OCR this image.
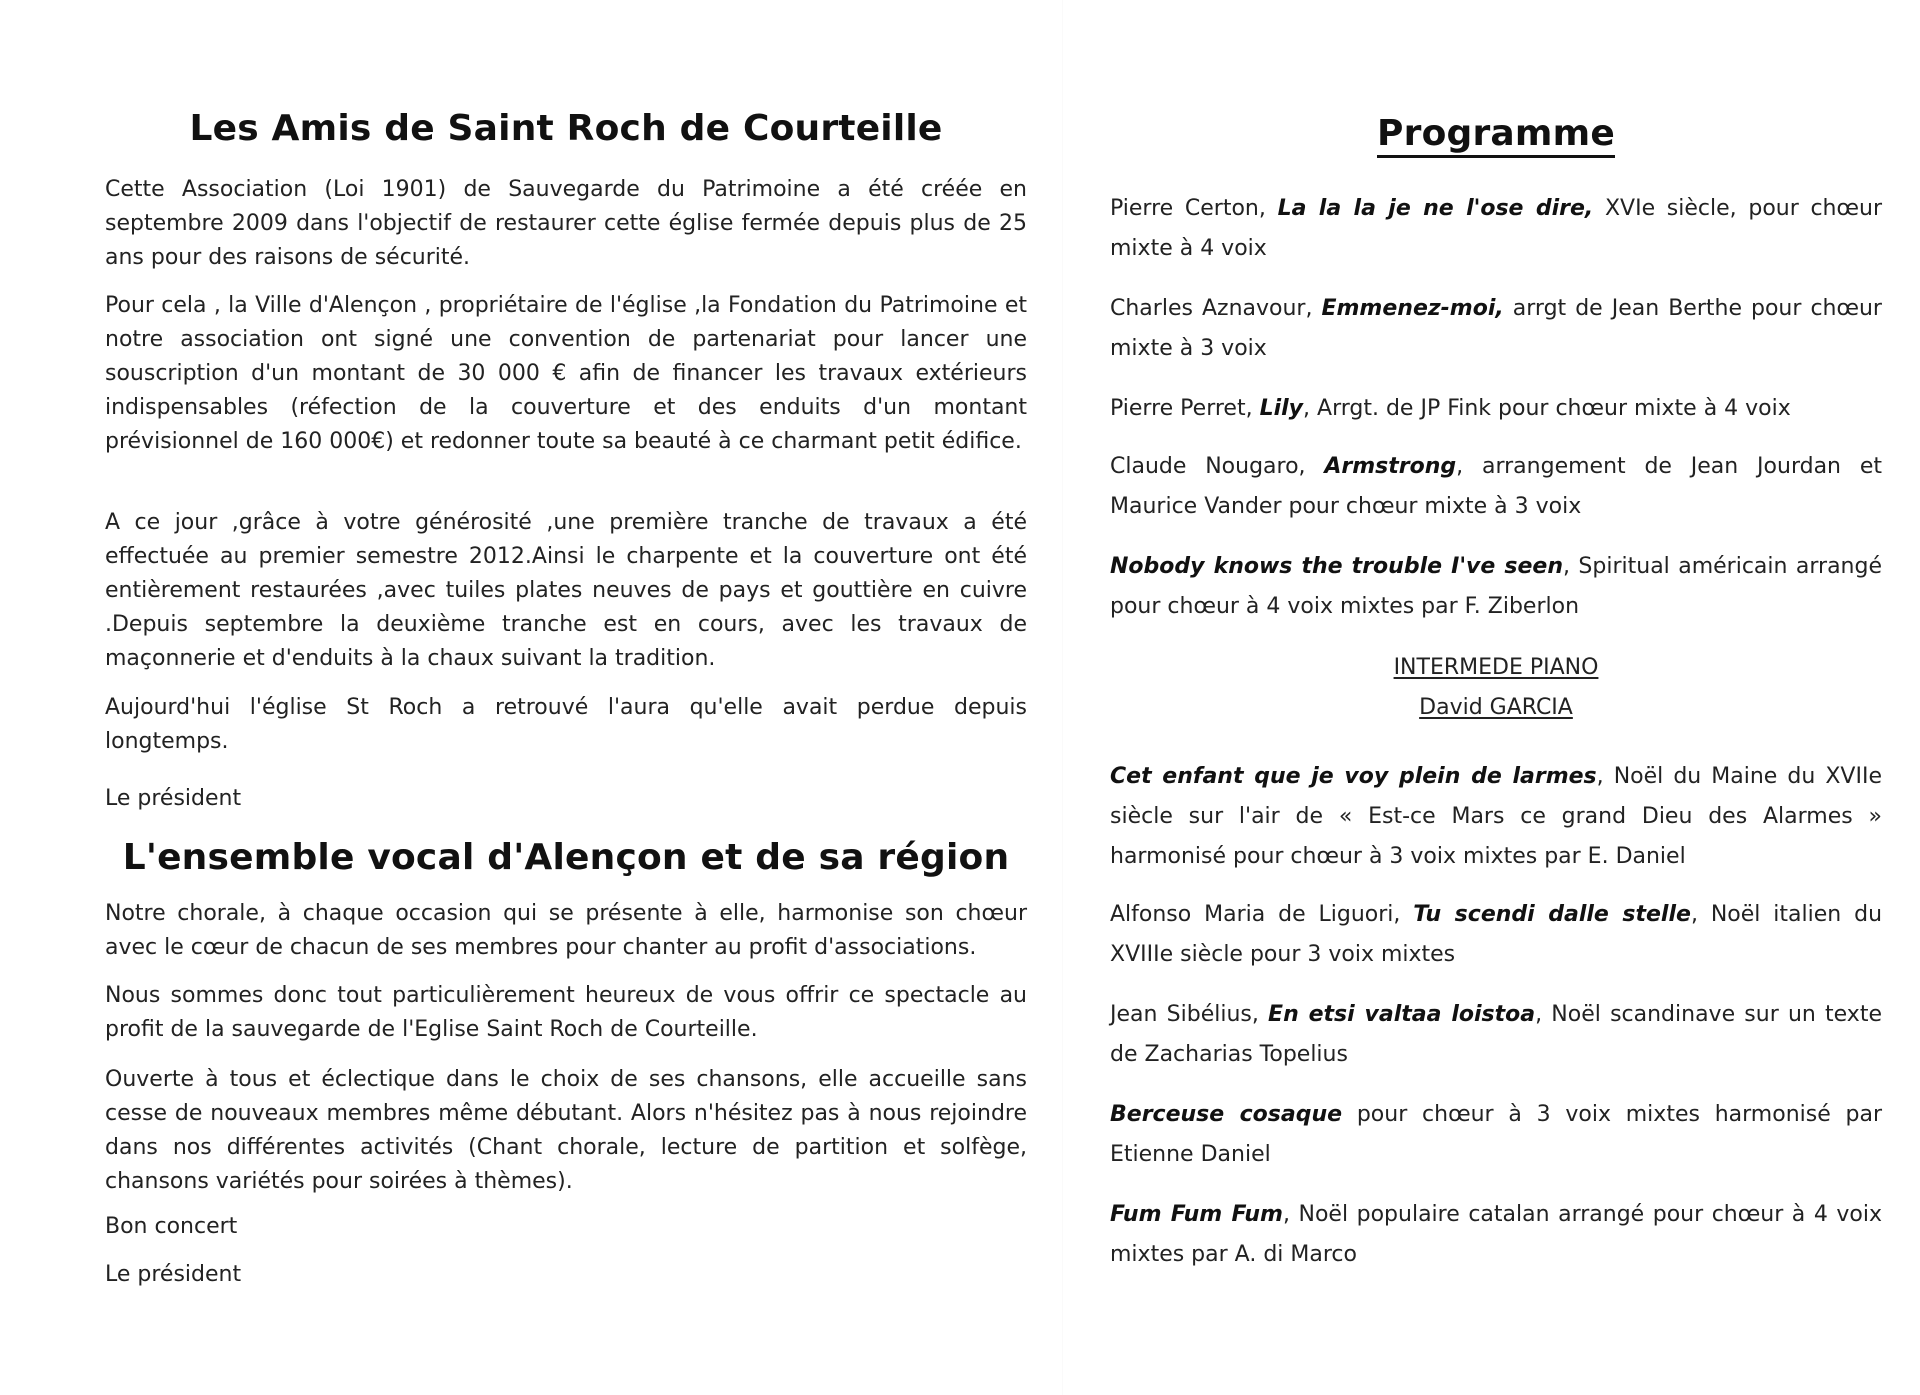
Les Amis de Saint Roch de Courteille

Cette Association (Loi 1901) de Sauvegarde du Patrimoine a été créée en septembre 2009 dans l'objectif de restaurer cette église fermée depuis plus de 25 ans pour des raisons de sécurité.

Pour cela , la Ville d'Alençon , propriétaire de l'église ,la Fondation du Patrimoine et notre association ont signé une convention de partenariat pour lancer une souscription d'un montant de 30 000 € afin de financer les travaux extérieurs indispensables (réfection de la couverture et des enduits d'un montant prévisionnel de 160 000€) et redonner toute sa beauté à ce charmant petit édifice.

A ce jour ,grâce à votre générosité ,une première tranche de travaux a été effectuée au premier semestre 2012.Ainsi le charpente et la couverture ont été entièrement restaurées ,avec tuiles plates neuves de pays et gouttière en cuivre .Depuis septembre la deuxième tranche est en cours, avec les travaux de maçonnerie et d'enduits à la chaux suivant la tradition.

Aujourd'hui l'église St Roch a retrouvé l'aura qu'elle avait perdue depuis longtemps.

Le président

L'ensemble vocal d'Alençon et de sa région

Notre chorale, à chaque occasion qui se présente à elle, harmonise son chœur avec le cœur de chacun de ses membres pour chanter au profit d'associations.

Nous sommes donc tout particulièrement heureux de vous offrir ce spectacle au profit de la sauvegarde de l'Eglise Saint Roch de Courteille.

Ouverte à tous et éclectique dans le choix de ses chansons, elle accueille sans cesse de nouveaux membres même débutant. Alors n'hésitez pas à nous rejoindre dans nos différentes activités (Chant chorale, lecture de partition et solfège, chansons variétés pour soirées à thèmes).

Bon concert

Le président

Programme

Pierre Certon, La la la je ne l'ose dire, XVIe siècle, pour chœur mixte à 4 voix

Charles Aznavour, Emmenez-moi, arrgt de Jean Berthe pour chœur mixte à 3 voix

Pierre Perret, Lily, Arrgt. de JP Fink pour chœur mixte à 4 voix

Claude Nougaro, Armstrong, arrangement de Jean Jourdan et Maurice Vander pour chœur mixte à 3 voix

Nobody knows the trouble I've seen, Spiritual américain arrangé pour chœur à 4 voix mixtes par F. Ziberlon

INTERMEDE PIANO
David GARCIA

Cet enfant que je voy plein de larmes, Noël du Maine du XVIIe siècle sur l'air de « Est-ce Mars ce grand Dieu des Alarmes » harmonisé pour chœur à 3 voix mixtes par E. Daniel

Alfonso Maria de Liguori, Tu scendi dalle stelle, Noël italien du XVIIIe siècle pour 3 voix mixtes

Jean Sibélius, En etsi valtaa loistoa, Noël scandinave sur un texte de Zacharias Topelius

Berceuse cosaque pour chœur à 3 voix mixtes harmonisé par Etienne Daniel

Fum Fum Fum, Noël populaire catalan arrangé pour chœur à 4 voix mixtes par A. di Marco
